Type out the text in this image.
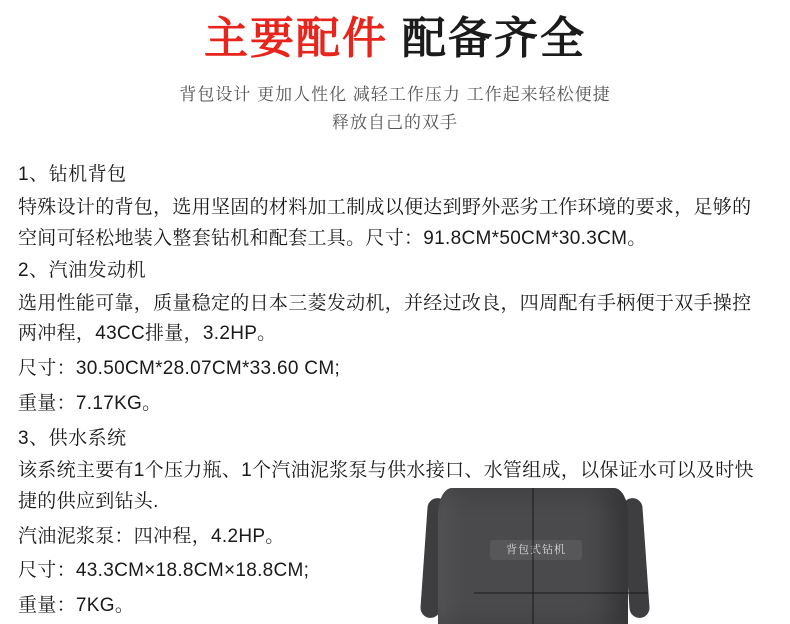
主要配件 配备齐全
背包设计 更加人性化 减轻工作压力 工作起来轻松便捷
释放自己的双手
背包式钻机
1、钻机背包
特殊设计的背包，选用坚固的材料加工制成以便达到野外恶劣工作环境的要求，足够的
空间可轻松地装入整套钻机和配套工具。尺寸：91.8CM*50CM*30.3CM。
2、汽油发动机
选用性能可靠，质量稳定的日本三菱发动机，并经过改良，四周配有手柄便于双手操控
两冲程，43CC排量，3.2HP。
尺寸：30.50CM*28.07CM*33.60 CM;
重量：7.17KG。
3、供水系统
该系统主要有1个压力瓶、1个汽油泥浆泵与供水接口、水管组成，以保证水可以及时快
捷的供应到钻头.
汽油泥浆泵：四冲程，4.2HP。
尺寸：43.3CM×18.8CM×18.8CM;
重量：7KG。
